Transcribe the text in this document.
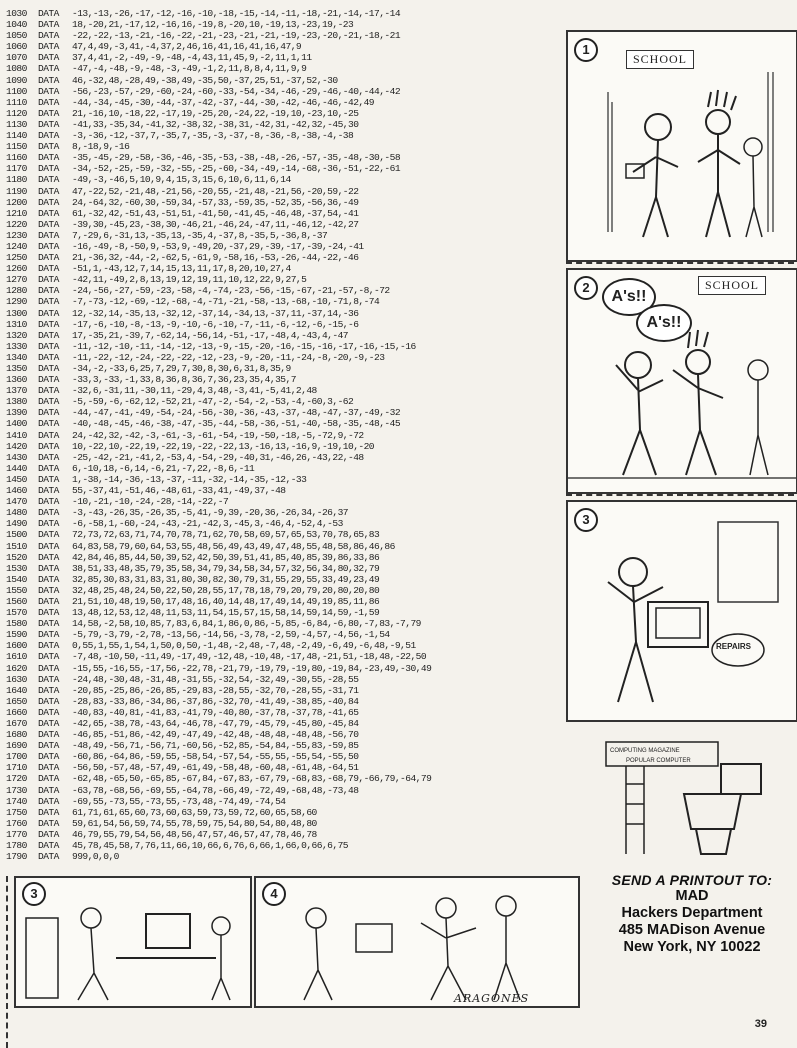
1030 DATA -13,-13,-26,-17,-12,-16,-10,-18,-15,-14,-11,-18,-21,-14,-17,-14
1040 DATA 18,-20,21,-17,12,-16,16,-19,8,-20,10,-19,13,-23,19,-23
1050 DATA -22,-22,-13,-21,-16,-22,-21,-23,-21,-21,-19,-23,-20,-21,-18,-21
1060 DATA 47,4,49,-3,41,-4,37,2,46,16,41,16,41,16,47,9
1070 DATA 37,4,41,-2,-49,-9,-48,-4,43,11,45,9,-2,11,1,11
1080 DATA -47,-4,-48,-9,-48,-3,-49,-1,2,11,8,8,4,11,9,9
1090 DATA 46,-32,48,-28,49,-38,49,-35,50,-37,25,51,-37,52,-30
1100 DATA -56,-23,-57,-29,-60,-24,-60,-33,-54,-34,-46,-29,-46,-40,-44,-42
1110 DATA -44,-34,-45,-30,-44,-37,-42,-37,-44,-30,-42,-46,-46,-42,49
1120 DATA 21,-16,10,-18,22,-17,19,-25,20,-24,22,-19,10,-23,10,-25
1130 DATA -41,33,-35,34,-41,32,-38,32,-38,31,-42,31,-42,32,-45,30
1140 DATA -3,-36,-12,-37,7,-35,7,-35,-3,-37,-8,-36,-8,-38,-4,-38
1150 DATA 8,-18,9,-16
1160 DATA -35,-45,-29,-58,-36,-46,-35,-53,-38,-48,-26,-57,-35,-48,-30,-58
1170 DATA -34,-52,-25,-59,-32,-55,-25,-60,-34,-49,-14,-68,-36,-51,-22,-61
1180 DATA -49,-3,-46,5,10,9,4,15,3,15,6,10,6,11,6,14
1190 DATA 47,-22,52,-21,48,-21,56,-20,55,-21,48,-21,56,-20,59,-22
1200 DATA 24,-64,32,-60,30,-59,34,-57,33,-59,35,-52,35,-56,36,-49
1210 DATA 61,-32,42,-51,43,-51,51,-41,50,-41,45,-46,48,-37,54,-41
1220 DATA -39,30,-45,23,-38,30,-46,21,-46,24,-47,11,-46,12,-42,27
1230 DATA 7,-29,6,-31,13,-35,13,-35,4,-37,8,-35,5,-36,8,-37
1240 DATA -16,-49,-8,-50,9,-53,9,-49,20,-37,29,-39,-17,-39,-24,-41
1250 DATA 21,-36,32,-44,-2,-62,5,-61,9,-58,16,-53,-26,-44,-22,-46
1260 DATA -51,1,-43,12,7,14,15,13,11,17,8,20,10,27,4
1270 DATA -42,11,-49,2,8,13,19,12,19,11,10,12,22,9,27,5
1280 DATA -24,-56,-27,-59,-23,-58,-4,-74,-23,-56,-15,-67,-21,-57,-8,-72
1290 DATA -7,-73,-12,-69,-12,-68,-4,-71,-21,-58,-13,-68,-10,-71,8,-74
1300 DATA 12,-32,14,-35,13,-32,12,-37,14,-34,13,-37,11,-37,14,-36
1310 DATA -17,-6,-10,-8,-13,-9,-10,-6,-10,-7,-11,-6,-12,-6,-15,-6
1320 DATA 17,-35,21,-39,7,-62,14,-56,14,-51,-17,-48,4,-43,4,-47
1330 DATA -11,-12,-10,-11,-14,-12,-13,-9,-15,-20,-16,-15,-16,-17,-16,-15,-16
1340 DATA -11,-22,-12,-24,-22,-22,-12,-23,-9,-20,-11,-24,-8,-20,-9,-23
1350 DATA -34,-2,-33,6,25,7,29,7,30,8,30,6,31,8,35,9
1360 DATA -33,3,-33,-1,33,8,36,8,36,7,36,23,35,4,35,7
1370 DATA -32,6,-31,11,-30,11,-29,4,3,48,-3,41,-5,41,2,48
1380 DATA -5,-59,-6,-62,12,-52,21,-47,-2,-54,-2,-53,-4,-60,3,-62
1390 DATA -44,-47,-41,-49,-54,-24,-56,-30,-36,-43,-37,-48,-47,-37,-49,-32
1400 DATA -40,-48,-45,-46,-38,-47,-35,-44,-58,-36,-51,-40,-58,-35,-48,-45
1410 DATA 24,-42,32,-42,-3,-61,-3,-61,-54,-19,-50,-18,-5,-72,9,-72
1420 DATA 10,-22,10,-22,19,-22,19,-22,-22,13,-16,13,-16,9,-19,10,-20
1430 DATA -25,-42,-21,-41,2,-53,4,-54,-29,-40,31,-46,26,-43,22,-48
1440 DATA 6,-10,18,-6,14,-6,21,-7,22,-8,6,-11
1450 DATA 1,-38,-14,-36,-13,-37,-11,-32,-14,-35,-12,-33
1460 DATA 55,-37,41,-51,46,-48,61,-33,41,-49,37,-48
1470 DATA -10,-21,-10,-24,-28,-14,-22,-7
1480 DATA -3,-43,-26,35,-26,35,-5,41,-9,39,-20,36,-26,34,-26,37
1490 DATA -6,-58,1,-60,-24,-43,-21,-42,3,-45,3,-46,4,-52,4,-53
1500 DATA 72,73,72,63,71,74,70,78,71,62,70,58,69,57,65,53,70,78,65,83
1510 DATA 64,83,58,79,60,64,53,55,48,56,49,43,49,47,48,55,48,58,86,46,86
1520 DATA 42,84,46,85,44,50,39,52,42,50,39,51,41,85,40,85,39,86,33,86
1530 DATA 38,51,33,48,35,79,35,58,34,79,34,58,34,57,32,56,34,80,32,79
1540 DATA 32,85,30,83,31,83,31,80,30,82,30,79,31,55,29,55,33,49,23,49
1550 DATA 32,48,25,48,24,50,22,50,28,55,17,78,18,79,20,79,20,80,20,80
1560 DATA 21,51,10,48,19,50,17,48,16,40,14,48,17,49,14,49,19,85,11,86
1570 DATA 13,48,12,53,12,48,11,53,11,54,15,57,15,58,14,59,14,59,-1,59
1580 DATA 14,58,-2,58,10,85,7,83,6,84,1,86,0,86,-5,85,-6,84,-6,80,-7,83,-7,79
1590 DATA -5,79,-3,79,-2,78,-13,56,-14,56,-3,78,-2,59,-4,57,-4,56,-1,54
1600 DATA 0,55,1,55,1,54,1,50,0,50,-1,48,-2,48,-7,48,-2,49,-6,49,-6,48,-9,51
1610 DATA -7,48,-10,50,-11,49,-17,49,-12,48,-10,48,-17,48,-21,51,-18,48,-22,50
1620 DATA -15,55,-16,55,-17,56,-22,78,-21,79,-19,79,-19,80,-19,84,-23,49,-30,49
1630 DATA -24,48,-30,48,-31,48,-31,55,-32,54,-32,49,-30,55,-28,55
1640 DATA -20,85,-25,86,-26,85,-29,83,-28,55,-32,70,-28,55,-31,71
1650 DATA -28,83,-33,86,-34,86,-37,86,-32,70,-41,49,-38,85,-40,84
1660 DATA -40,83,-40,81,-41,83,-41,79,-40,80,-37,78,-37,78,-41,65
1670 DATA -42,65,-38,78,-43,64,-46,78,-47,79,-45,79,-45,80,-45,84
1680 DATA -46,85,-51,86,-42,49,-47,49,-42,48,-48,48,-48,48,-56,70
1690 DATA -48,49,-56,71,-56,71,-60,56,-52,85,-54,84,-55,83,-59,85
1700 DATA -60,86,-64,86,-59,55,-58,54,-57,54,-55,55,-55,54,-55,50
1710 DATA -56,50,-57,48,-57,49,-61,49,-58,48,-60,48,-61,48,-64,51
1720 DATA -62,48,-65,50,-65,85,-67,84,-67,83,-67,79,-68,83,-68,79,-66,79,-64,79
1730 DATA -63,78,-68,56,-69,55,-64,78,-66,49,-72,49,-68,48,-73,48
1740 DATA -69,55,-73,55,-73,55,-73,48,-74,49,-74,54
1750 DATA 61,71,61,65,60,73,60,63,59,73,59,72,60,65,58,60
1760 DATA 59,61,54,56,59,74,55,78,59,75,54,80,54,80,48,80
1770 DATA 46,79,55,79,54,56,48,56,47,57,46,57,47,78,46,78
1780 DATA 45,78,45,58,7,76,11,66,10,66,6,76,6,66,1,66,0,66,6,75
1790 DATA 999,0,0,0
1
SCHOOL
2	SCHOOL
A's!!
A's!!
3
REPAIRS
COMPUTING MAGAZINE
POPULAR COMPUTER
3	4
ARAGONÉS
SEND A PRINTOUT TO:
MAD
Hackers Department
485 MADison Avenue
New York, NY 10022
39
